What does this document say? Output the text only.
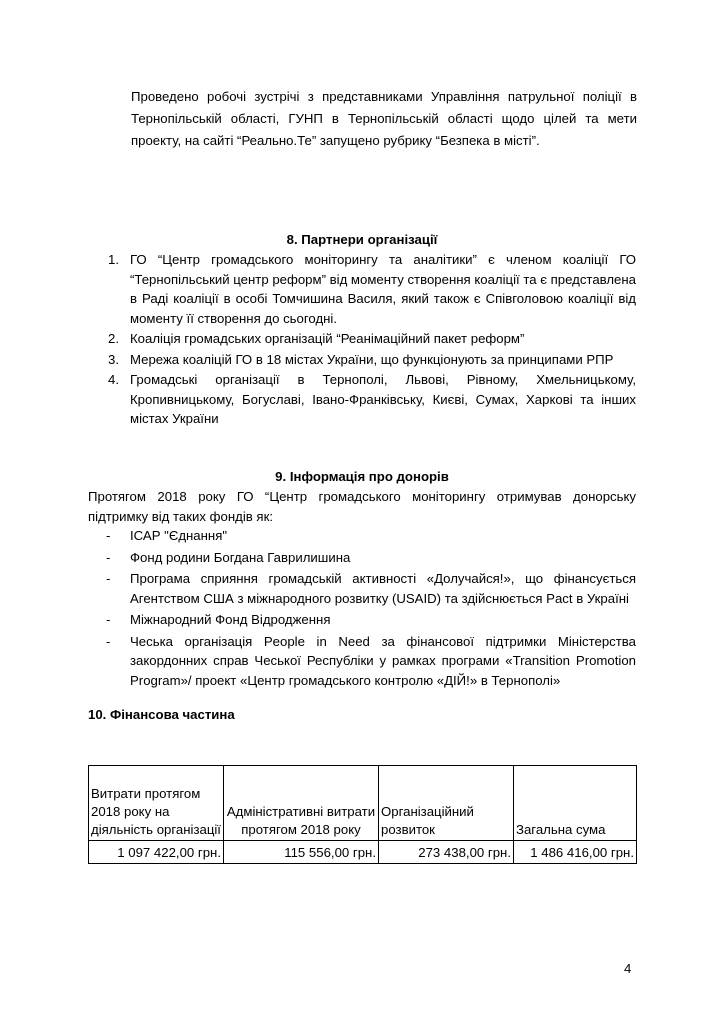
Проведено робочі зустрічі з представниками Управління патрульної поліції в Тернопільській області, ГУНП в Тернопільській області щодо цілей та мети проекту, на сайті “Реально.Те” запущено рубрику “Безпека в місті”.

8. Партнери організації
1. ГО “Центр громадського моніторингу та аналітики” є членом коаліції ГО “Тернопільський центр реформ” від моменту створення коаліції та є представлена в Раді коаліції в особі Томчишина Василя, який також є Співголовою коаліції від моменту її створення до сьогодні.
2. Коаліція громадських організацій “Реанімаційний пакет реформ”
3. Мережа коаліцій ГО в 18 містах України, що функціонують за принципами РПР
4. Громадські організації в Тернополі, Львові, Рівному, Хмельницькому, Кропивницькому, Богуславі, Івано-Франківську, Києві, Сумах, Харкові та інших містах України
9. Інформація про донорів

Протягом 2018 року ГО “Центр громадського моніторингу отримував донорську підтримку від таких фондів як:

- ІСАР "Єднання"
- Фонд родини Богдана Гаврилишина
- Програма сприяння громадській активності «Долучайся!», що фінансується Агентством США з міжнародного розвитку (USAID) та здійснюється Pact в Україні
- Міжнародний Фонд Відродження
- Чеська організація People in Need за фінансової підтримки Міністерства закордонних справ Чеської Республіки у рамках програми «Transition Promotion Program»/ проект «Центр громадського контролю «ДІЙ!» в Тернополі»
10. Фінансова частина
Витрати протягом 2018 року на діяльність організації	Адміністративні витрати протягом 2018 року	Організаційний розвиток	Загальна сума
1 097 422,00 грн.	115 556,00 грн.	273 438,00 грн.	1 486 416,00 грн.
4
